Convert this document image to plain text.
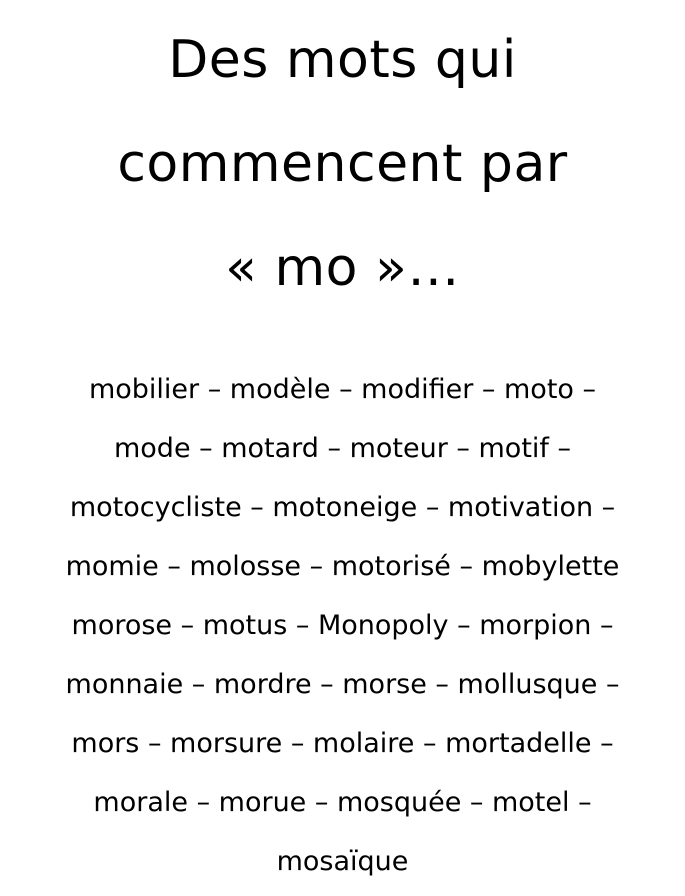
Des mots qui
commencent par
« mo »…
mobilier – modèle – modifier – moto –
mode – motard – moteur – motif –
motocycliste – motoneige – motivation –
momie – molosse – motorisé – mobylette
morose – motus – Monopoly – morpion –
monnaie – mordre – morse – mollusque –
mors – morsure – molaire – mortadelle –
morale – morue – mosquée – motel –
mosaïque
